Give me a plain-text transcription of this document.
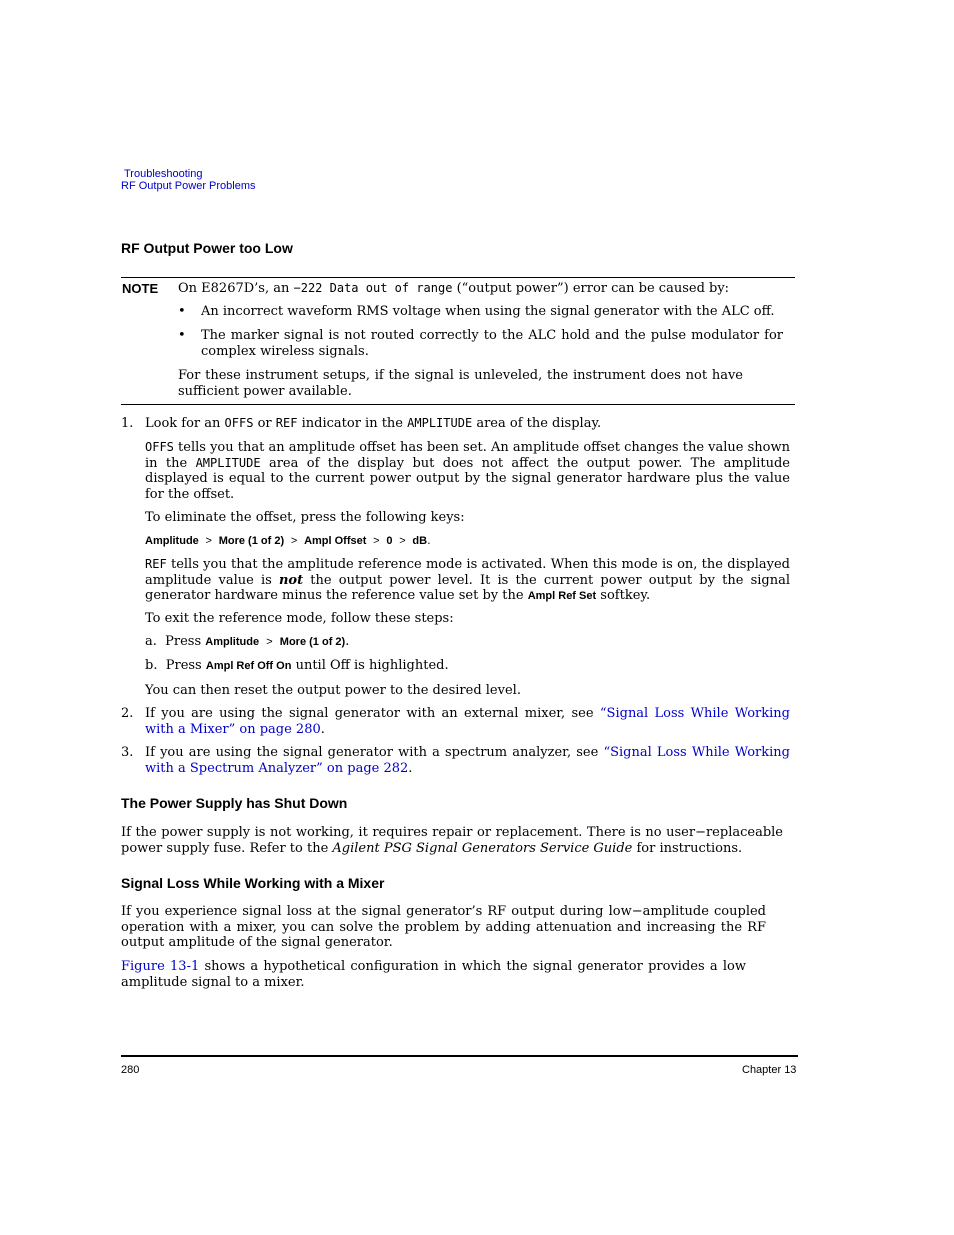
Troubleshooting
RF Output Power Problems
RF Output Power too Low
NOTE On E8267D’s, an −222 Data out of range (“output power”) error can be caused by:
• An incorrect waveform RMS voltage when using the signal generator with the ALC off.
• The marker signal is not routed correctly to the ALC hold and the pulse modulator for complex wireless signals.
For these instrument setups, if the signal is unleveled, the instrument does not have sufficient power available.
1. Look for an OFFS or REF indicator in the AMPLITUDE area of the display.
OFFS tells you that an amplitude offset has been set. An amplitude offset changes the value shown in the AMPLITUDE area of the display but does not affect the output power. The amplitude displayed is equal to the current power output by the signal generator hardware plus the value for the offset.
To eliminate the offset, press the following keys:
Amplitude > More (1 of 2) > Ampl Offset > 0 > dB.
REF tells you that the amplitude reference mode is activated. When this mode is on, the displayed amplitude value is not the output power level. It is the current power output by the signal generator hardware minus the reference value set by the Ampl Ref Set softkey.
To exit the reference mode, follow these steps:
a. Press Amplitude > More (1 of 2).
b. Press Ampl Ref Off On until Off is highlighted.
You can then reset the output power to the desired level.
2. If you are using the signal generator with an external mixer, see “Signal Loss While Working with a Mixer” on page 280.
3. If you are using the signal generator with a spectrum analyzer, see “Signal Loss While Working with a Spectrum Analyzer” on page 282.
The Power Supply has Shut Down
If the power supply is not working, it requires repair or replacement. There is no user−replaceable power supply fuse. Refer to the Agilent PSG Signal Generators Service Guide for instructions.
Signal Loss While Working with a Mixer
If you experience signal loss at the signal generator’s RF output during low−amplitude coupled operation with a mixer, you can solve the problem by adding attenuation and increasing the RF output amplitude of the signal generator.
Figure 13-1 shows a hypothetical configuration in which the signal generator provides a low amplitude signal to a mixer.
280	Chapter 13
